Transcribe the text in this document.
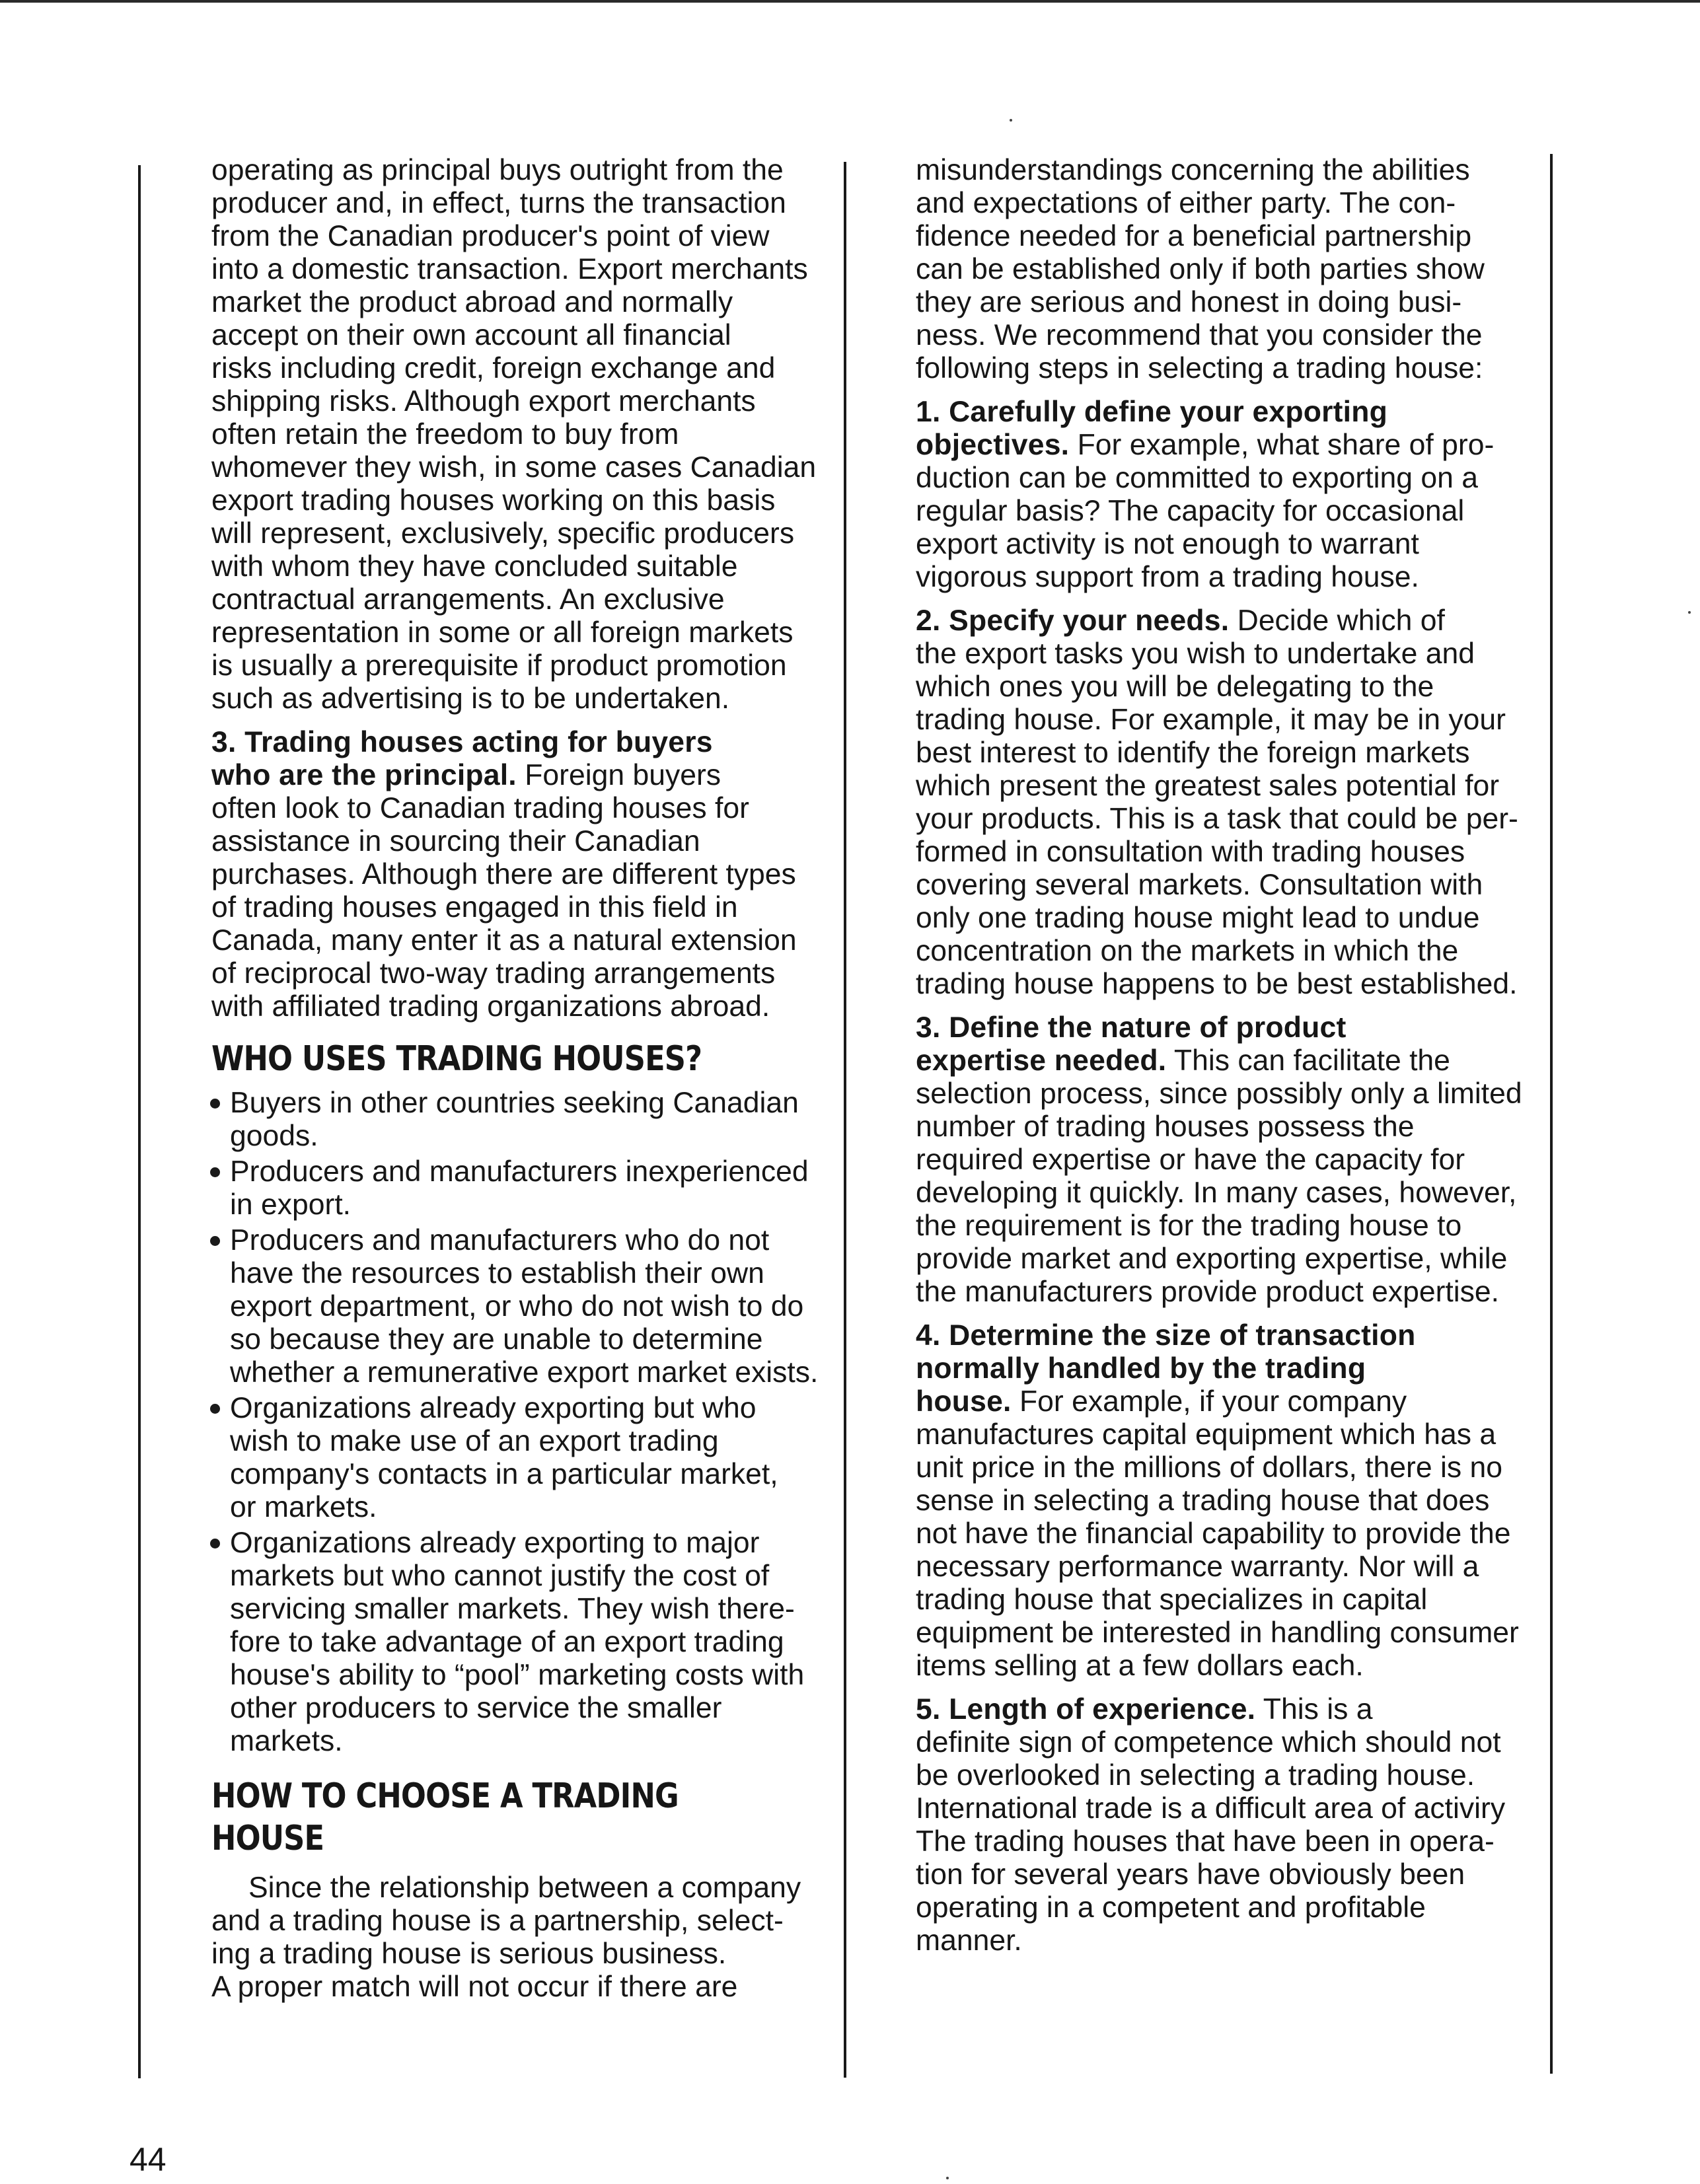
operating as principal buys outright from the
producer and, in effect, turns the transaction
from the Canadian producer's point of view
into a domestic transaction. Export merchants
market the product abroad and normally
accept on their own account all financial
risks including credit, foreign exchange and
shipping risks. Although export merchants
often retain the freedom to buy from
whomever they wish, in some cases Canadian
export trading houses working on this basis
will represent, exclusively, specific producers
with whom they have concluded suitable
contractual arrangements. An exclusive
representation in some or all foreign markets
is usually a prerequisite if product promotion
such as advertising is to be undertaken.
3. Trading houses acting for buyers
who are the principal. Foreign buyers
often look to Canadian trading houses for
assistance in sourcing their Canadian
purchases. Although there are different types
of trading houses engaged in this field in
Canada, many enter it as a natural extension
of reciprocal two-way trading arrangements
with affiliated trading organizations abroad.
WHO USES TRADING HOUSES?
Buyers in other countries seeking Canadian
goods.
Producers and manufacturers inexperienced
in export.
Producers and manufacturers who do not
have the resources to establish their own
export department, or who do not wish to do
so because they are unable to determine
whether a remunerative export market exists.
Organizations already exporting but who
wish to make use of an export trading
company's contacts in a particular market,
or markets.
Organizations already exporting to major
markets but who cannot justify the cost of
servicing smaller markets. They wish there-
fore to take advantage of an export trading
house's ability to “pool” marketing costs with
other producers to service the smaller
markets.
HOW TO CHOOSE A TRADING
HOUSE
Since the relationship between a company
and a trading house is a partnership, select-
ing a trading house is serious business.
A proper match will not occur if there are
misunderstandings concerning the abilities
and expectations of either party. The con-
fidence needed for a beneficial partnership
can be established only if both parties show
they are serious and honest in doing busi-
ness. We recommend that you consider the
following steps in selecting a trading house:
1. Carefully define your exporting
objectives. For example, what share of pro-
duction can be committed to exporting on a
regular basis? The capacity for occasional
export activity is not enough to warrant
vigorous support from a trading house.
2. Specify your needs. Decide which of
the export tasks you wish to undertake and
which ones you will be delegating to the
trading house. For example, it may be in your
best interest to identify the foreign markets
which present the greatest sales potential for
your products. This is a task that could be per-
formed in consultation with trading houses
covering several markets. Consultation with
only one trading house might lead to undue
concentration on the markets in which the
trading house happens to be best established.
3. Define the nature of product
expertise needed. This can facilitate the
selection process, since possibly only a limited
number of trading houses possess the
required expertise or have the capacity for
developing it quickly. In many cases, however,
the requirement is for the trading house to
provide market and exporting expertise, while
the manufacturers provide product expertise.
4. Determine the size of transaction
normally handled by the trading
house. For example, if your company
manufactures capital equipment which has a
unit price in the millions of dollars, there is no
sense in selecting a trading house that does
not have the financial capability to provide the
necessary performance warranty. Nor will a
trading house that specializes in capital
equipment be interested in handling consumer
items selling at a few dollars each.
5. Length of experience. This is a
definite sign of competence which should not
be overlooked in selecting a trading house.
International trade is a difficult area of activiry
The trading houses that have been in opera-
tion for several years have obviously been
operating in a competent and profitable
manner.
44
